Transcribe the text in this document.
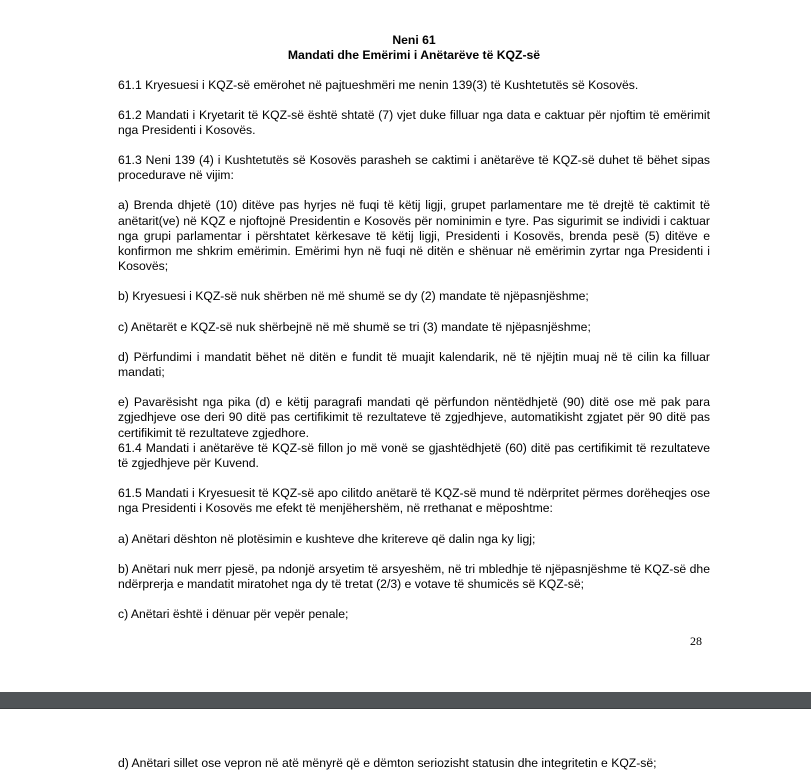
Neni 61

Mandati dhe Emërimi i Anëtarëve të KQZ-së

61.1 Kryesuesi i KQZ-së emërohet në pajtueshmëri me nenin 139(3) të Kushtetutës së Kosovës.

61.2 Mandati i Kryetarit të KQZ-së është shtatë (7) vjet duke filluar nga data e caktuar për njoftim të emërimit nga Presidenti i Kosovës.

61.3 Neni 139 (4) i Kushtetutës së Kosovës parasheh se caktimi i anëtarëve të KQZ-së duhet të bëhet sipas procedurave në vijim:

a) Brenda dhjetë (10) ditëve pas hyrjes në fuqi të këtij ligji, grupet parlamentare me të drejtë të caktimit të anëtarit(ve) në KQZ e njoftojnë Presidentin e Kosovës për nominimin e tyre. Pas sigurimit se individi i caktuar nga grupi parlamentar i përshtatet kërkesave të këtij ligji, Presidenti i Kosovës, brenda pesë (5) ditëve e konfirmon me shkrim emërimin. Emërimi hyn në fuqi në ditën e shënuar në emërimin zyrtar nga Presidenti i Kosovës;

b) Kryesuesi i KQZ-së nuk shërben në më shumë se dy (2) mandate të njëpasnjëshme;

c) Anëtarët e KQZ-së nuk shërbejnë në më shumë se tri (3) mandate të njëpasnjëshme;

d) Përfundimi i mandatit bëhet në ditën e fundit të muajit kalendarik, në të njëjtin muaj në të cilin ka filluar mandati;

e) Pavarësisht nga pika (d) e këtij paragrafi mandati që përfundon nëntëdhjetë (90) ditë ose më pak para zgjedhjeve ose deri 90 ditë pas certifikimit të rezultateve të zgjedhjeve, automatikisht zgjatet për 90 ditë pas certifikimit të rezultateve zgjedhore.

61.4 Mandati i anëtarëve të KQZ-së fillon jo më vonë se gjashtëdhjetë (60) ditë pas certifikimit të rezultateve të zgjedhjeve për Kuvend.

61.5 Mandati i Kryesuesit të KQZ-së apo cilitdo anëtarë të KQZ-së mund të ndërpritet përmes dorëheqjes ose nga Presidenti i Kosovës me efekt të menjëhershëm, në rrethanat e mëposhtme:

a) Anëtari dështon në plotësimin e kushteve dhe kritereve që dalin nga ky ligj;

b) Anëtari nuk merr pjesë, pa ndonjë arsyetim të arsyeshëm, në tri mbledhje të njëpasnjëshme të KQZ-së dhe ndërprerja e mandatit miratohet nga dy të tretat (2/3) e votave të shumicës së KQZ-së;

c) Anëtari është i dënuar për vepër penale;

28
d) Anëtari sillet ose vepron në atë mënyrë që e dëmton seriozisht statusin dhe integritetin e KQZ-së;
